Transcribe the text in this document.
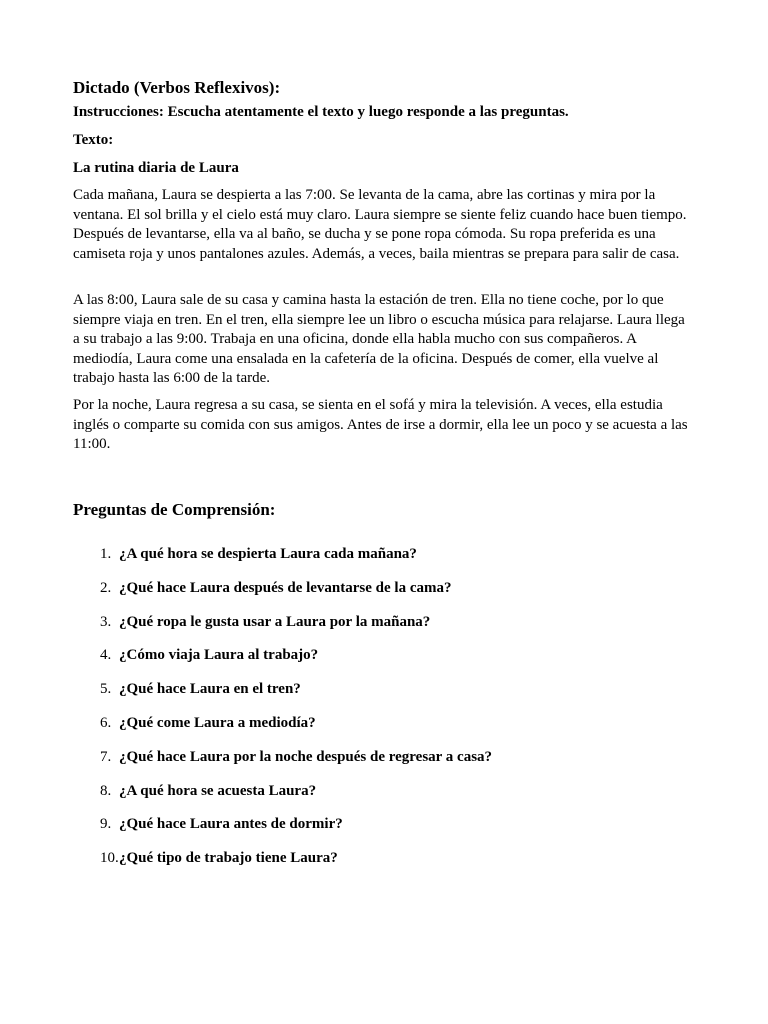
Dictado (Verbos Reflexivos):
Instrucciones: Escucha atentamente el texto y luego responde a las preguntas.
Texto:
La rutina diaria de Laura

Cada mañana, Laura se despierta a las 7:00. Se levanta de la cama, abre las cortinas y mira por la ventana. El sol brilla y el cielo está muy claro. Laura siempre se siente feliz cuando hace buen tiempo. Después de levantarse, ella va al baño, se ducha y se pone ropa cómoda. Su ropa preferida es una camiseta roja y unos pantalones azules. Además, a veces, baila mientras se prepara para salir de casa.

A las 8:00, Laura sale de su casa y camina hasta la estación de tren. Ella no tiene coche, por lo que siempre viaja en tren. En el tren, ella siempre lee un libro o escucha música para relajarse. Laura llega a su trabajo a las 9:00. Trabaja en una oficina, donde ella habla mucho con sus compañeros. A mediodía, Laura come una ensalada en la cafetería de la oficina. Después de comer, ella vuelve al trabajo hasta las 6:00 de la tarde.

Por la noche, Laura regresa a su casa, se sienta en el sofá y mira la televisión. A veces, ella estudia inglés o comparte su comida con sus amigos. Antes de irse a dormir, ella lee un poco y se acuesta a las 11:00.

Preguntas de Comprensión:
1. ¿A qué hora se despierta Laura cada mañana?
2. ¿Qué hace Laura después de levantarse de la cama?
3. ¿Qué ropa le gusta usar a Laura por la mañana?
4. ¿Cómo viaja Laura al trabajo?
5. ¿Qué hace Laura en el tren?
6. ¿Qué come Laura a mediodía?
7. ¿Qué hace Laura por la noche después de regresar a casa?
8. ¿A qué hora se acuesta Laura?
9. ¿Qué hace Laura antes de dormir?
10. ¿Qué tipo de trabajo tiene Laura?
